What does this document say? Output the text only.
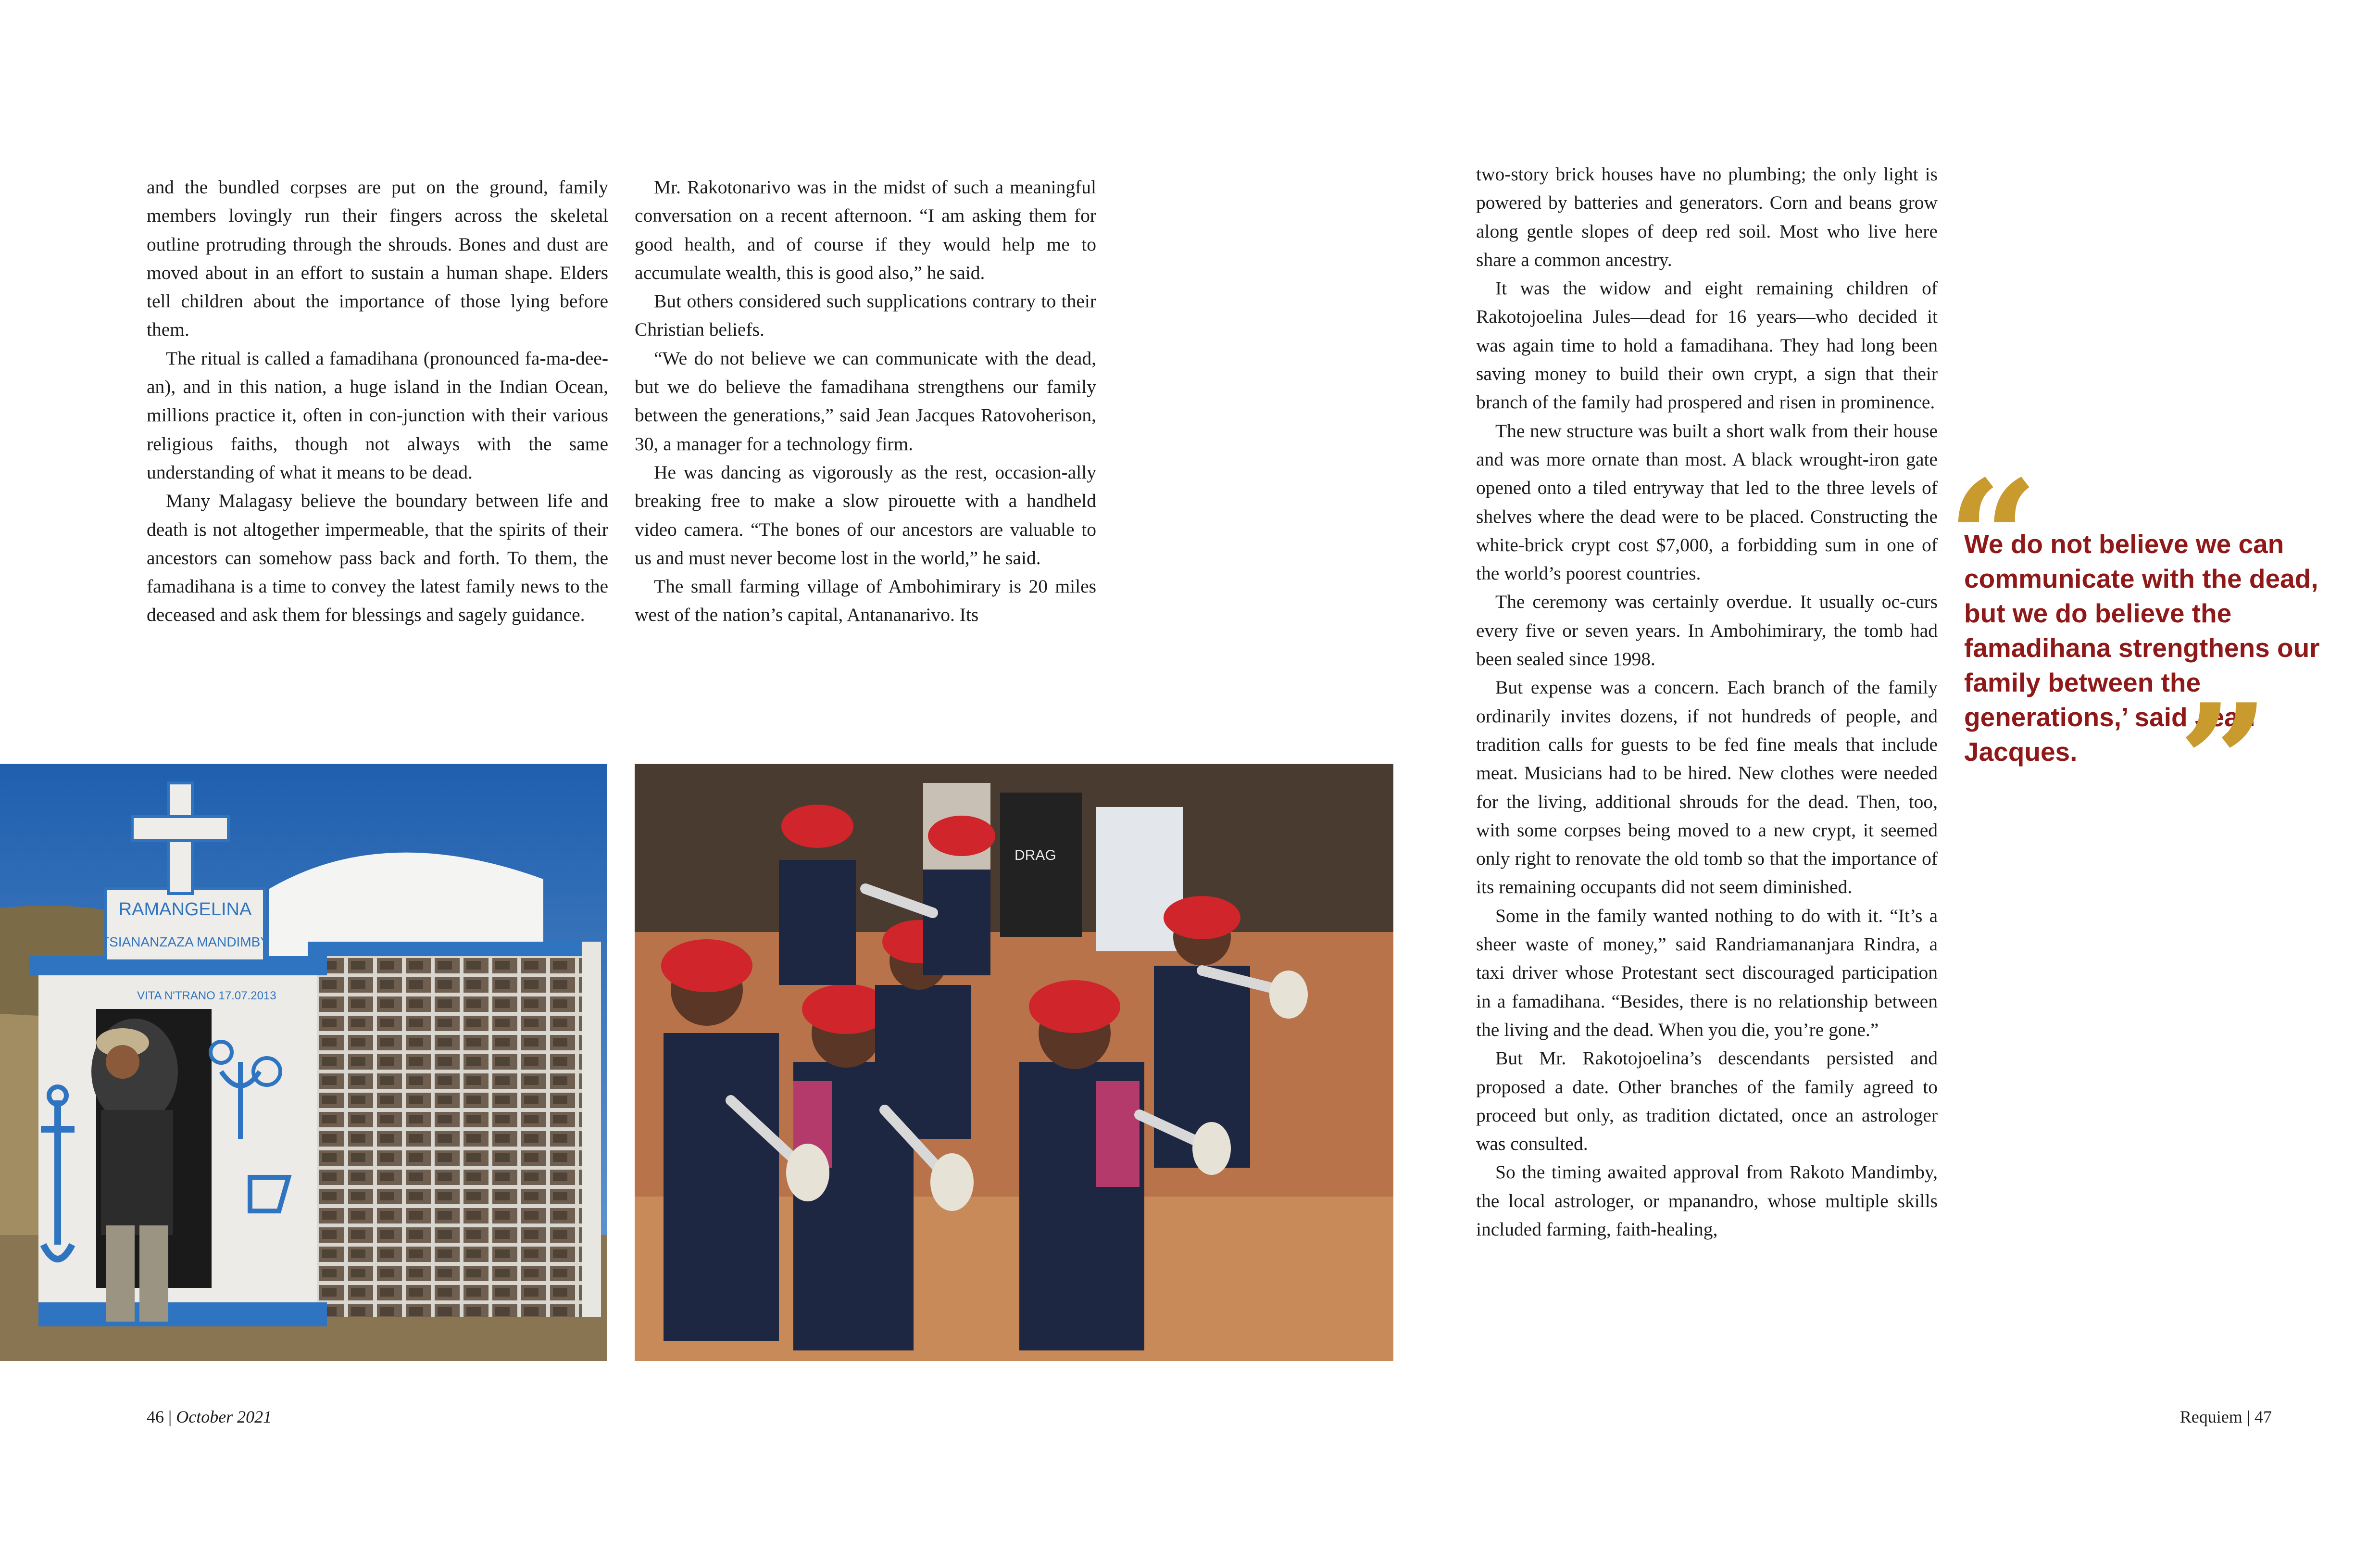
and the bundled corpses are put on the ground, family members lovingly run their fingers across the skeletal outline protruding through the shrouds. Bones and dust are moved about in an effort to sustain a human shape. Elders tell children about the importance of those lying before them.

The ritual is called a famadihana (pronounced fa-ma-dee-an), and in this nation, a huge island in the Indian Ocean, millions practice it, often in con-junction with their various religious faiths, though not always with the same understanding of what it means to be dead.

Many Malagasy believe the boundary between life and death is not altogether impermeable, that the spirits of their ancestors can somehow pass back and forth. To them, the famadihana is a time to convey the latest family news to the deceased and ask them for blessings and sagely guidance.

Mr. Rakotonarivo was in the midst of such a meaningful conversation on a recent afternoon. “I am asking them for good health, and of course if they would help me to accumulate wealth, this is good also,” he said.

But others considered such supplications contrary to their Christian beliefs.

“We do not believe we can communicate with the dead, but we do believe the famadihana strengthens our family between the generations,” said Jean Jacques Ratovoherison, 30, a manager for a technology firm.

He was dancing as vigorously as the rest, occasion-ally breaking free to make a slow pirouette with a handheld video camera. “The bones of our ancestors are valuable to us and must never become lost in the world,” he said.

The small farming village of Ambohimirary is 20 miles west of the nation’s capital, Antananarivo. Its

two-story brick houses have no plumbing; the only light is powered by batteries and generators. Corn and beans grow along gentle slopes of deep red soil. Most who live here share a common ancestry.

It was the widow and eight remaining children of Rakotojoelina Jules—dead for 16 years—who decided it was again time to hold a famadihana. They had long been saving money to build their own crypt, a sign that their branch of the family had prospered and risen in prominence.

The new structure was built a short walk from their house and was more ornate than most. A black wrought-iron gate opened onto a tiled entryway that led to the three levels of shelves where the dead were to be placed. Constructing the white-brick crypt cost $7,000, a forbidding sum in one of the world’s poorest countries.

The ceremony was certainly overdue. It usually oc-curs every five or seven years. In Ambohimirary, the tomb had been sealed since 1998.

But expense was a concern. Each branch of the family ordinarily invites dozens, if not hundreds of people, and tradition calls for guests to be fed fine meals that include meat. Musicians had to be hired. New clothes were needed for the living, additional shrouds for the dead. Then, too, with some corpses being moved to a new crypt, it seemed only right to renovate the old tomb so that the importance of its remaining occupants did not seem diminished.

Some in the family wanted nothing to do with it. “It’s a sheer waste of money,” said Randriamananjara Rindra, a taxi driver whose Protestant sect discouraged participation in a famadihana. “Besides, there is no relationship between the living and the dead. When you die, you’re gone.”

But Mr. Rakotojoelina’s descendants persisted and proposed a date. Other branches of the family agreed to proceed but only, as tradition dictated, once an astrologer was consulted.

So the timing awaited approval from Rakoto Mandimby, the local astrologer, or mpanandro, whose multiple skills included farming, faith-healing,

RAMANGELINA
TSIANANZAZA MANDIMBY
VITA N'TRANO 17.07.2013
DRAG
“
We do not believe we can communicate with the dead, but we do believe the famadihana strengthens our family between the generations,’ said Jean Jacques. ”
46 | October 2021	Requiem | 47
